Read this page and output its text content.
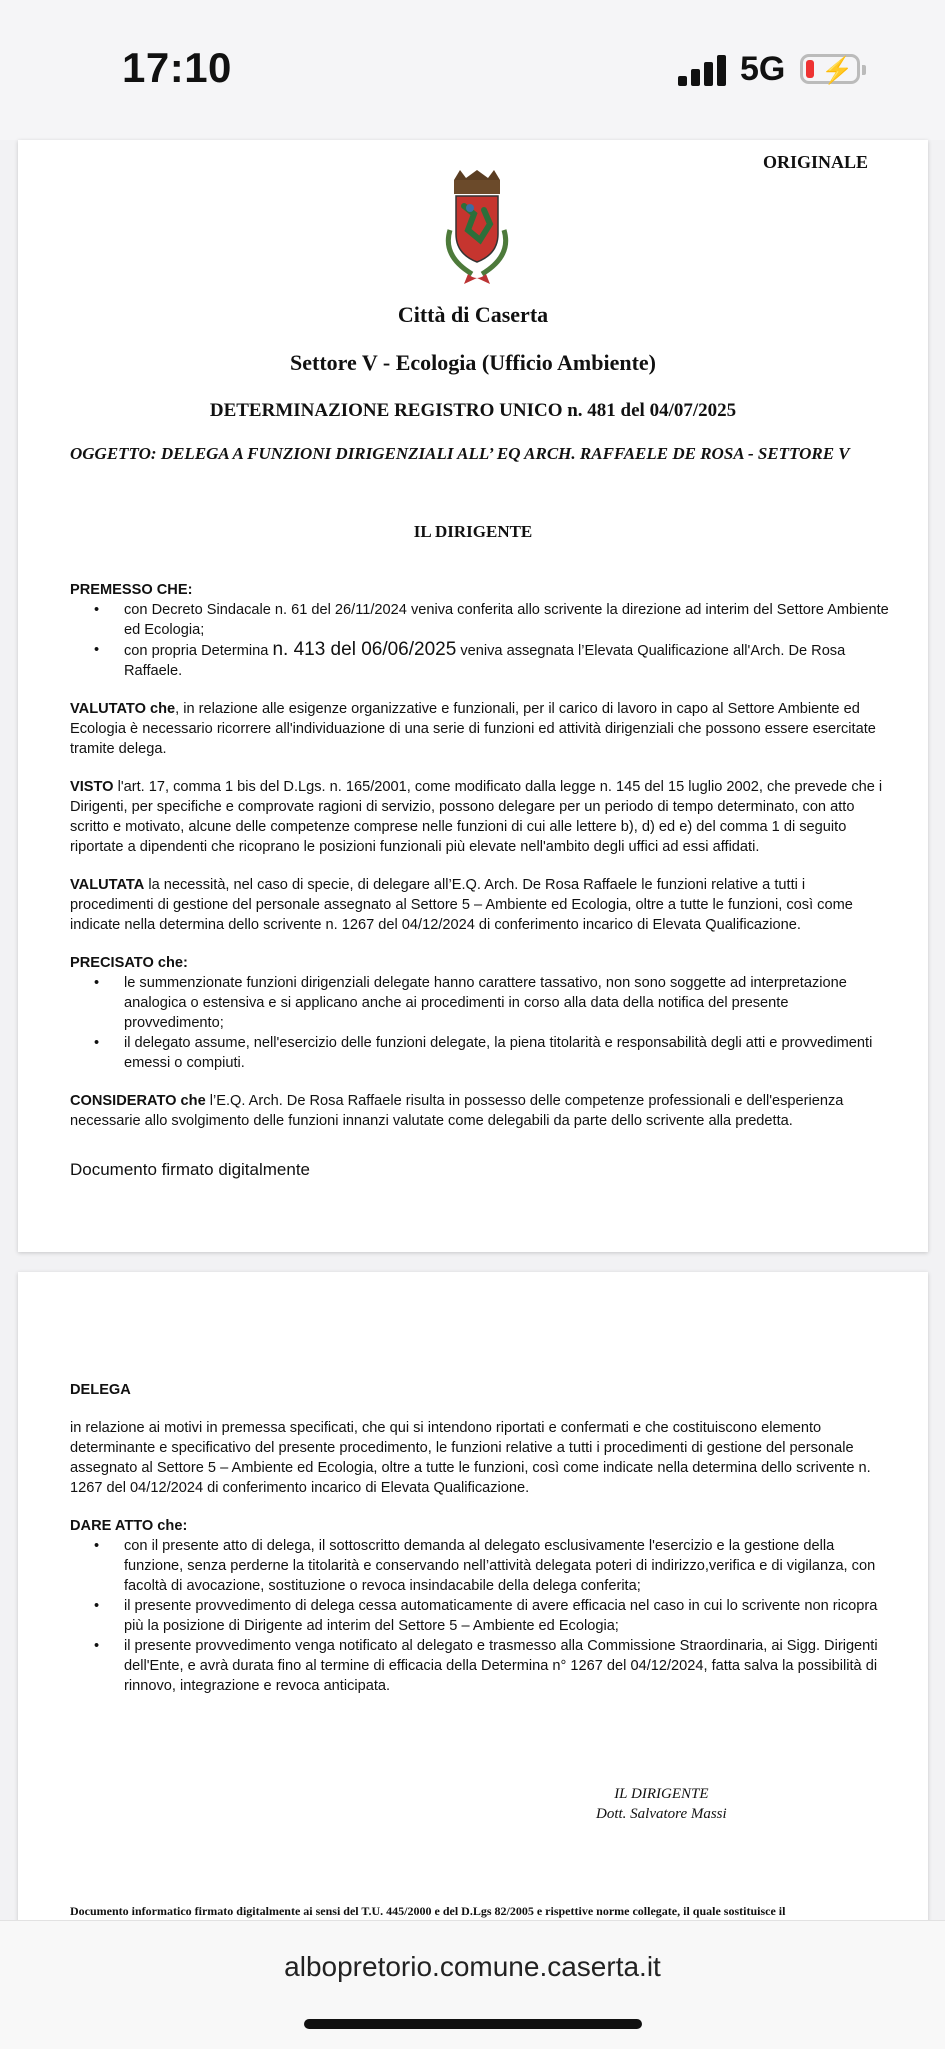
17:10	5G ⚡
ORIGINALE
Città di Caserta
Settore V - Ecologia (Ufficio Ambiente)
DETERMINAZIONE REGISTRO UNICO n. 481 del 04/07/2025
OGGETTO: DELEGA A FUNZIONI DIRIGENZIALI ALL’ EQ ARCH. RAFFAELE DE ROSA - SETTORE V
IL DIRIGENTE

PREMESSO CHE:

• con Decreto Sindacale n. 61 del 26/11/2024 veniva conferita allo scrivente la direzione ad interim del Settore Ambiente ed Ecologia;
• con propria Determina n. 413 del 06/06/2025 veniva assegnata l’Elevata Qualificazione all'Arch. De Rosa Raffaele.

VALUTATO che, in relazione alle esigenze organizzative e funzionali, per il carico di lavoro in capo al Settore Ambiente ed Ecologia è necessario ricorrere all'individuazione di una serie di funzioni ed attività dirigenziali che possono essere esercitate tramite delega.

VISTO l'art. 17, comma 1 bis del D.Lgs. n. 165/2001, come modificato dalla legge n. 145 del 15 luglio 2002, che prevede che i Dirigenti, per specifiche e comprovate ragioni di servizio, possono delegare per un periodo di tempo determinato, con atto scritto e motivato, alcune delle competenze comprese nelle funzioni di cui alle lettere b), d) ed e) del comma 1 di seguito riportate a dipendenti che ricoprano le posizioni funzionali più elevate nell'ambito degli uffici ad essi affidati.

VALUTATA la necessità, nel caso di specie, di delegare all’E.Q. Arch. De Rosa Raffaele le funzioni relative a tutti i procedimenti di gestione del personale assegnato al Settore 5 – Ambiente ed Ecologia, oltre a tutte le funzioni, così come indicate nella determina dello scrivente n. 1267 del 04/12/2024 di conferimento incarico di Elevata Qualificazione.

PRECISATO che:

• le summenzionate funzioni dirigenziali delegate hanno carattere tassativo, non sono soggette ad interpretazione analogica o estensiva e si applicano anche ai procedimenti in corso alla data della notifica del presente provvedimento;
• il delegato assume, nell'esercizio delle funzioni delegate, la piena titolarità e responsabilità degli atti e provvedimenti emessi o compiuti.

CONSIDERATO che l’E.Q. Arch. De Rosa Raffaele risulta in possesso delle competenze professionali e dell'esperienza necessarie allo svolgimento delle funzioni innanzi valutate come delegabili da parte dello scrivente alla predetta.

Documento firmato digitalmente

DELEGA

in relazione ai motivi in premessa specificati, che qui si intendono riportati e confermati e che costituiscono elemento determinante e specificativo del presente procedimento, le funzioni relative a tutti i procedimenti di gestione del personale assegnato al Settore 5 – Ambiente ed Ecologia, oltre a tutte le funzioni, così come indicate nella determina dello scrivente n. 1267 del 04/12/2024 di conferimento incarico di Elevata Qualificazione.

DARE ATTO che:

• con il presente atto di delega, il sottoscritto demanda al delegato esclusivamente l'esercizio e la gestione della funzione, senza perderne la titolarità e conservando nell’attività delegata poteri di indirizzo,verifica e di vigilanza, con facoltà di avocazione, sostituzione o revoca insindacabile della delega conferita;
• il presente provvedimento di delega cessa automaticamente di avere efficacia nel caso in cui lo scrivente non ricopra più la posizione di Dirigente ad interim del Settore 5 – Ambiente ed Ecologia;
• il presente provvedimento venga notificato al delegato e trasmesso alla Commissione Straordinaria, ai Sigg. Dirigenti dell'Ente, e avrà durata fino al termine di efficacia della Determina n° 1267 del 04/12/2024, fatta salva la possibilità di rinnovo, integrazione e revoca anticipata.
IL DIRIGENTE
Dott. Salvatore Massi
Documento informatico firmato digitalmente ai sensi del T.U. 445/2000 e del D.Lgs 82/2005 e rispettive norme collegate, il quale sostituisce il
albopretorio.comune.caserta.it
